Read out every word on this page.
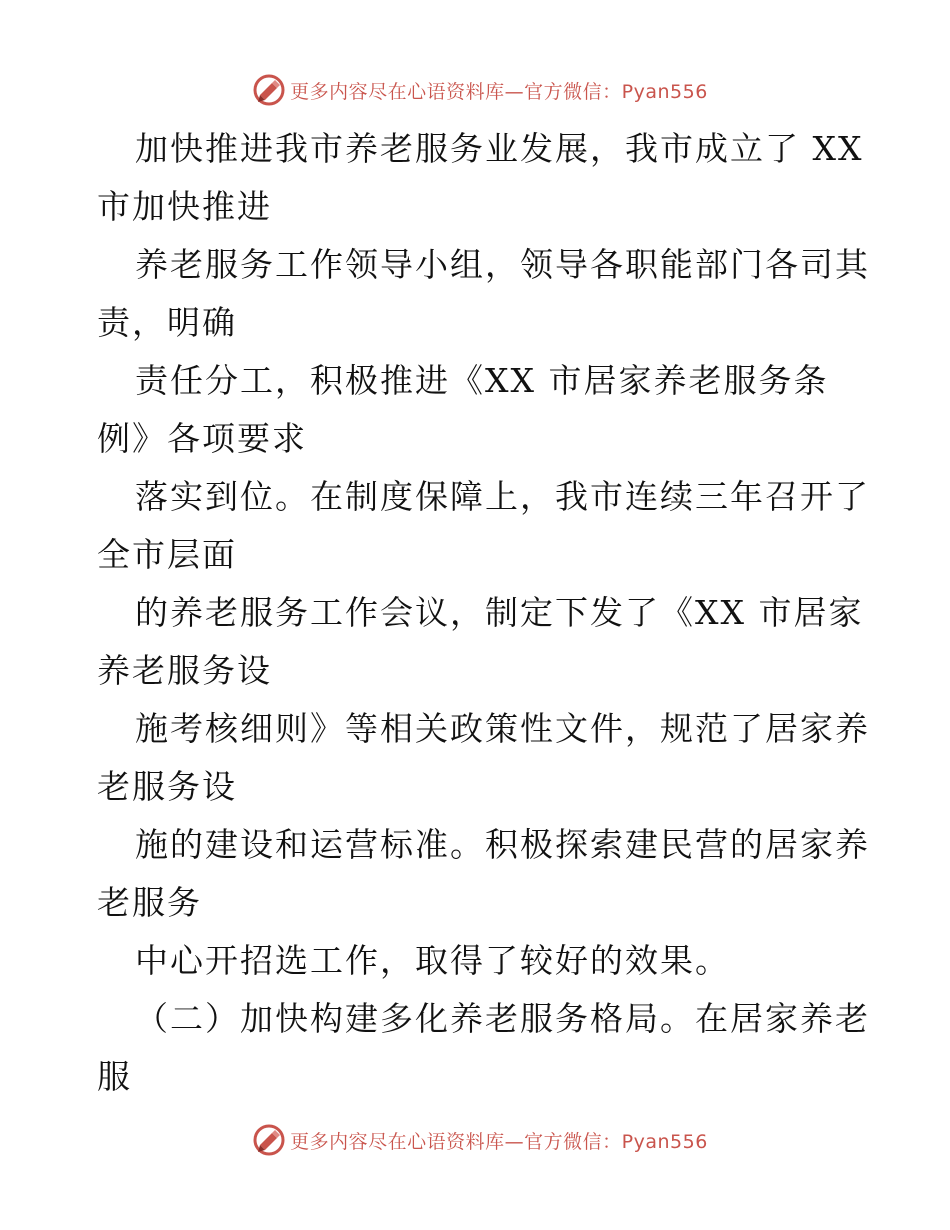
更多内容尽在心语资料库—官方微信：Pyan556
加快推进我市养老服务业发展，我市成立了 XX
市加快推进
养老服务工作领导小组，领导各职能部门各司其
责，明确
责任分工，积极推进《XX 市居家养老服务条
例》各项要求
落实到位。在制度保障上，我市连续三年召开了
全市层面
的养老服务工作会议，制定下发了《XX 市居家
养老服务设
施考核细则》等相关政策性文件，规范了居家养
老服务设
施的建设和运营标准。积极探索建民营的居家养
老服务
中心开招选工作，取得了较好的效果。
（二）加快构建多化养老服务格局。在居家养老
服
更多内容尽在心语资料库—官方微信：Pyan556
